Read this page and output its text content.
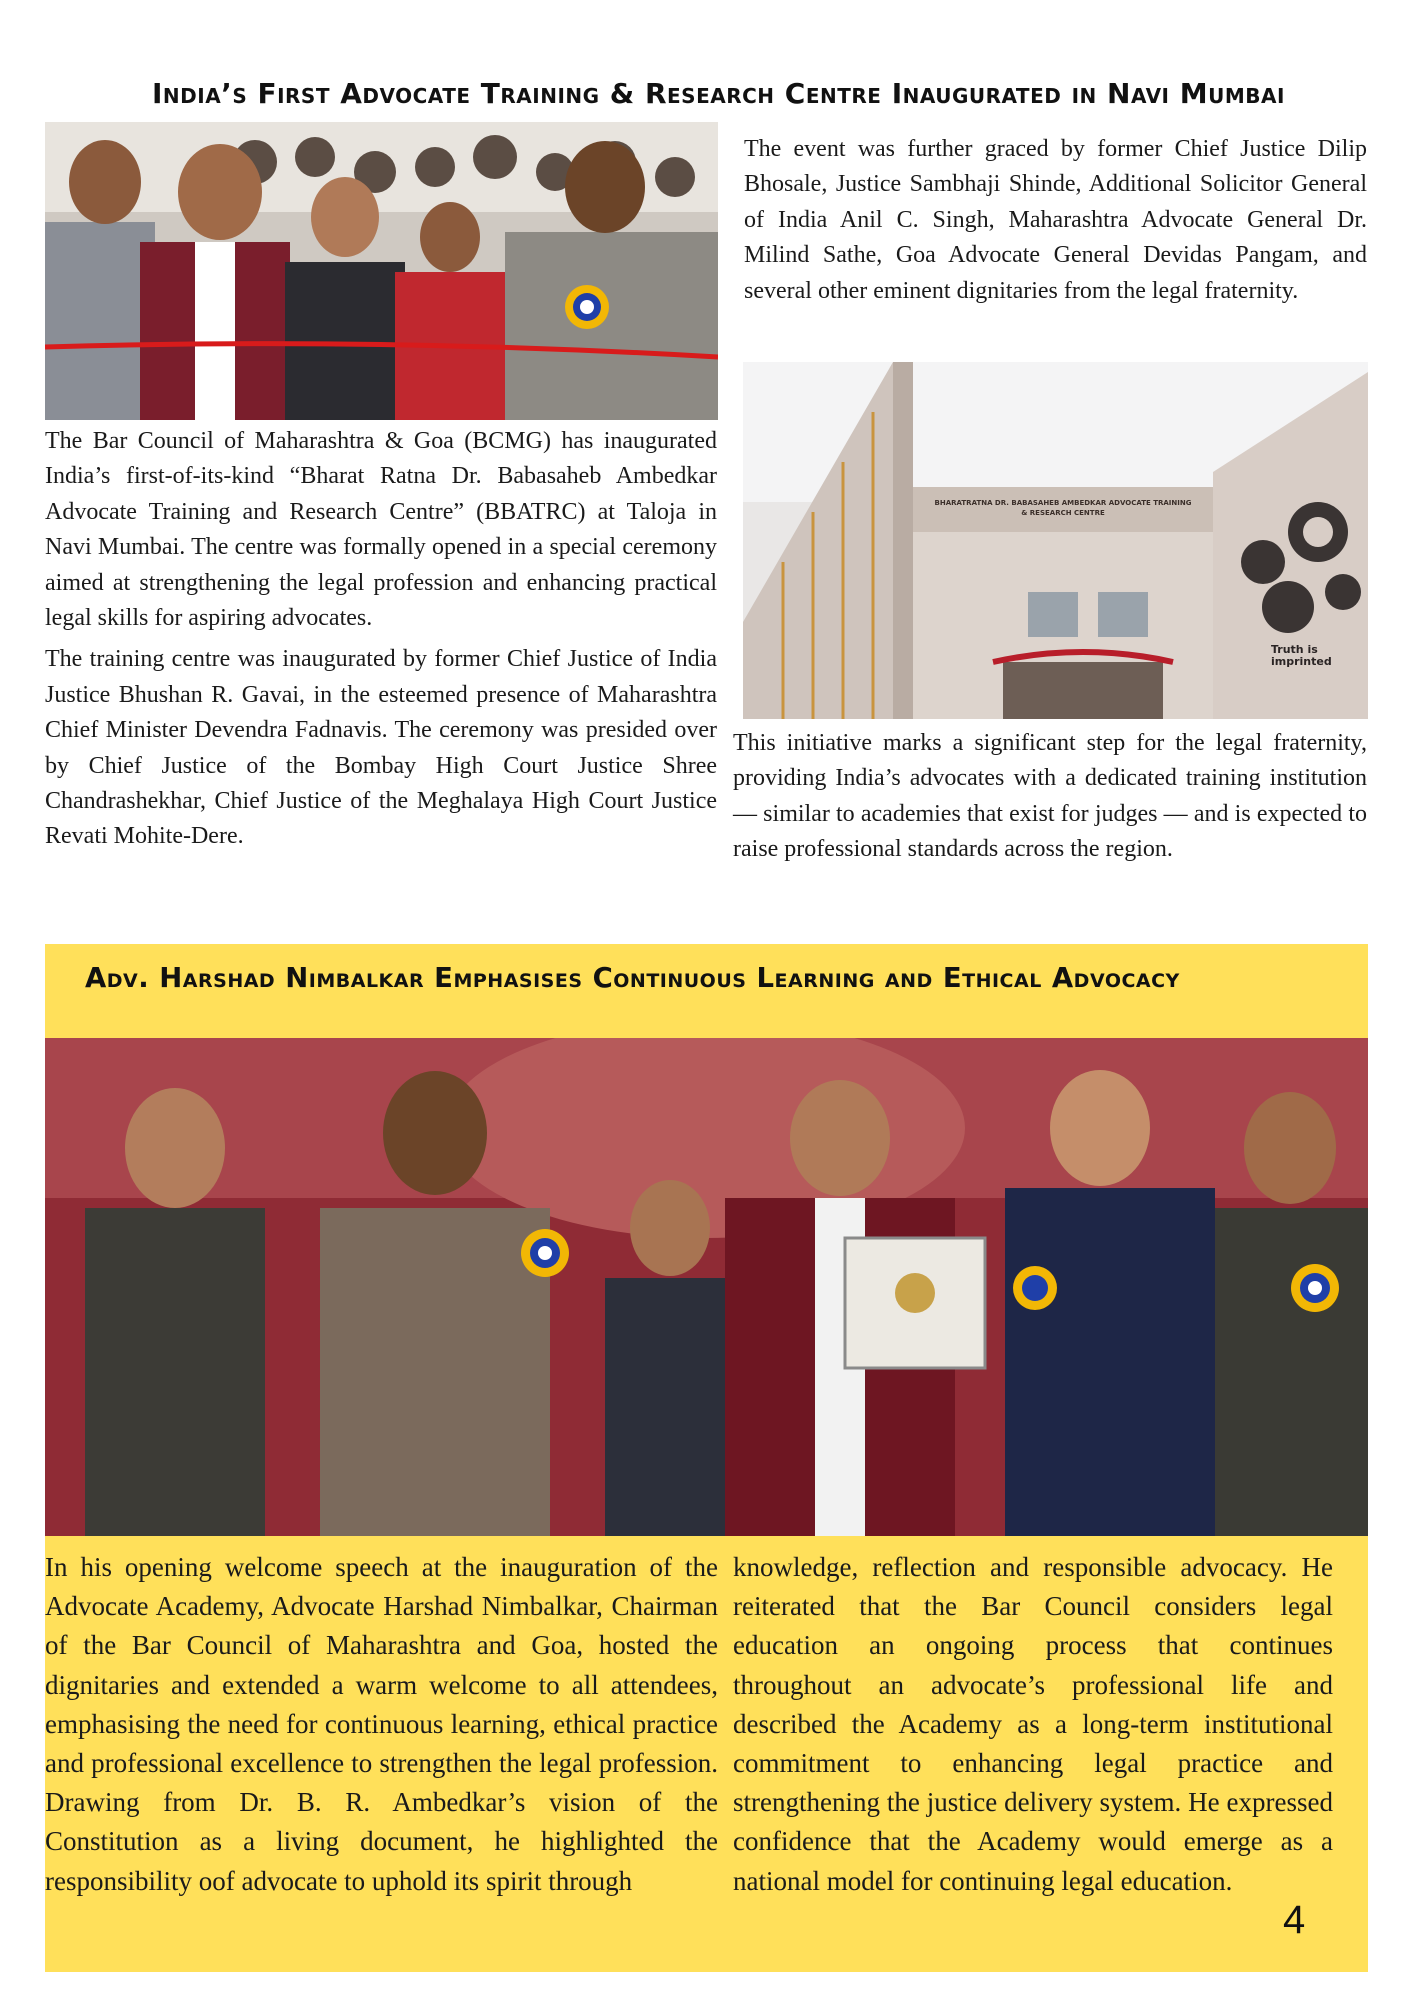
India’s First Advocate Training & Research Centre Inaugurated in Navi Mumbai

The Bar Council of Maharashtra & Goa (BCMG) has inaugurated India’s first-of-its-kind “Bharat Ratna Dr. Babasaheb Ambedkar Advocate Training and Research Centre” (BBATRC) at Taloja in Navi Mumbai. The centre was formally opened in a special ceremony aimed at strengthening the legal profession and enhancing practical legal skills for aspiring advocates.

The training centre was inaugurated by former Chief Justice of India Justice Bhushan R. Gavai, in the esteemed presence of Maharashtra Chief Minister Devendra Fadnavis. The ceremony was presided over by Chief Justice of the Bombay High Court Justice Shree Chandrashekhar, Chief Justice of the Meghalaya High Court Justice Revati Mohite-Dere.

The event was further graced by former Chief Justice Dilip Bhosale, Justice Sambhaji Shinde, Additional Solicitor General of India Anil C. Singh, Maharashtra Advocate General Dr. Milind Sathe, Goa Advocate General Devidas Pangam, and several other eminent dignitaries from the legal fraternity.

BHARATRATNA DR. BABASAHEB AMBEDKAR ADVOCATE TRAINING
& RESEARCH CENTRE
Truth is imprinted

This initiative marks a significant step for the legal fraternity, providing India’s advocates with a dedicated training institution — similar to academies that exist for judges — and is expected to raise professional standards across the region.

Adv. Harshad Nimbalkar Emphasises Continuous Learning and Ethical Advocacy

In his opening welcome speech at the inauguration of the Advocate Academy, Advocate Harshad Nimbalkar, Chairman of the Bar Council of Maharashtra and Goa, hosted the dignitaries and extended a warm welcome to all attendees, emphasising the need for continuous learning, ethical practice and professional excellence to strengthen the legal profession. Drawing from Dr. B. R. Ambedkar’s vision of the Constitution as a living document, he highlighted the responsibility oof advocate to uphold its spirit through

knowledge, reflection and responsible advocacy. He reiterated that the Bar Council considers legal education an ongoing process that continues throughout an advocate’s professional life and described the Academy as a long-term institutional commitment to enhancing legal practice and strengthening the justice delivery system. He expressed confidence that the Academy would emerge as a national model for continuing legal education.

4
